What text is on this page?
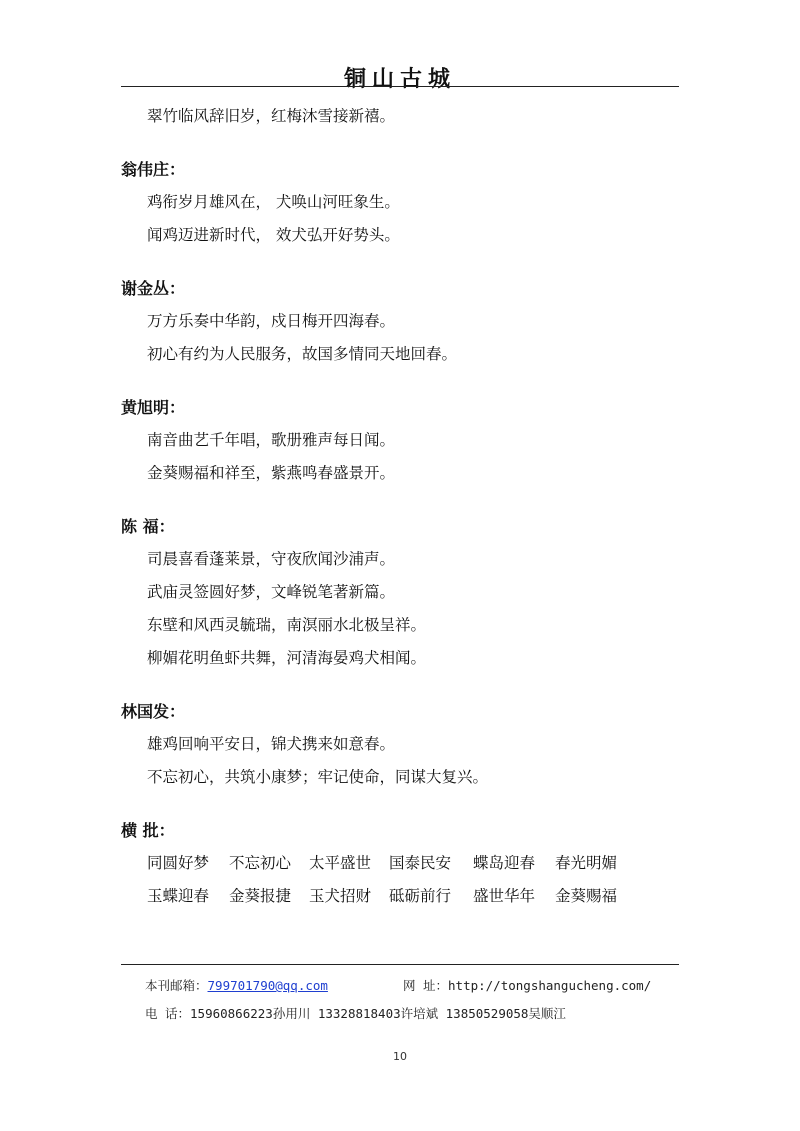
铜山古城
翠竹临风辞旧岁，红梅沐雪接新禧。
翁伟庄：
鸡衔岁月雄风在， 犬唤山河旺象生。
闻鸡迈进新时代， 效犬弘开好势头。
谢金丛：
万方乐奏中华韵，戍日梅开四海春。
初心有约为人民服务，故国多情同天地回春。
黄旭明：
南音曲艺千年唱，歌册雅声每日闻。
金葵赐福和祥至，紫燕鸣春盛景开。
陈 福：
司晨喜看蓬莱景，守夜欣闻沙浦声。
武庙灵签圆好梦，文峰锐笔著新篇。
东壁和风西灵毓瑞，南溟丽水北极呈祥。
柳媚花明鱼虾共舞，河清海晏鸡犬相闻。
林国发：
雄鸡回响平安日，锦犬携来如意春。
不忘初心，共筑小康梦；牢记使命，同谋大复兴。
横 批：
同圆好梦	不忘初心	太平盛世	国泰民安	蝶岛迎春	春光明媚
玉蝶迎春	金葵报捷	玉犬招财	砥砺前行	盛世华年	金葵赐福
本刊邮箱：799701790@qq.com	网 址：http://tongshangucheng.com/
电 话：15960866223孙用川 13328818403许培斌 13850529058吴顺江
10
